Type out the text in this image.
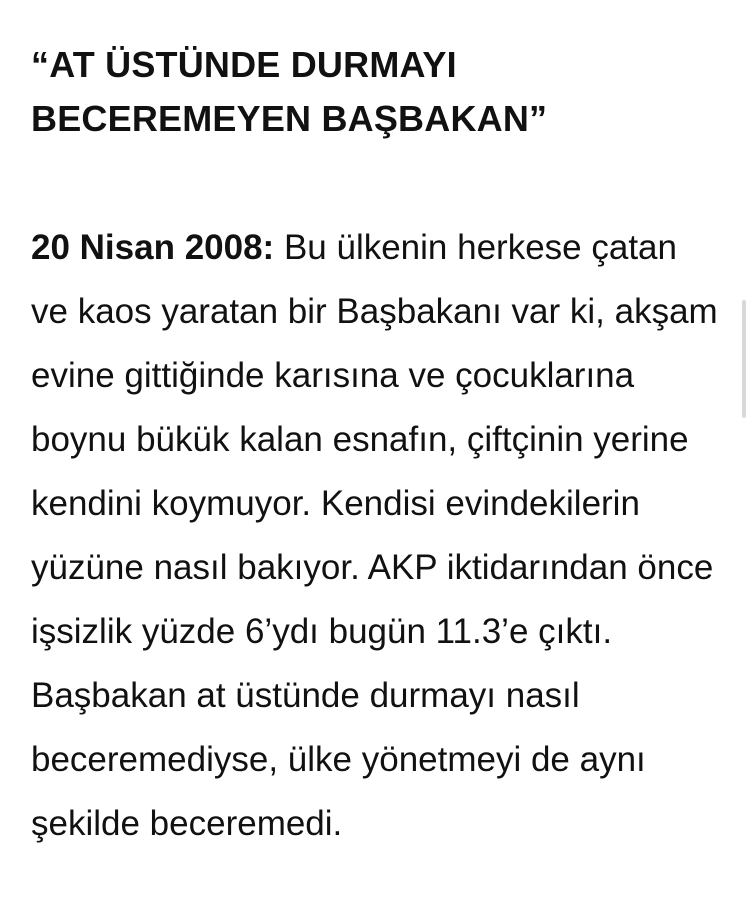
“AT ÜSTÜNDE DURMAYI
BECEREMEYEN BAŞBAKAN”

20 Nisan 2008: Bu ülkenin herkese çatan ve kaos yaratan bir Başbakanı var ki, akşam evine gittiğinde karısına ve çocuklarına boynu bükük kalan esnafın, çiftçinin yerine kendini koymuyor. Kendisi evindekilerin yüzüne nasıl bakıyor. AKP iktidarından önce işsizlik yüzde 6’ydı bugün 11.3’e çıktı. Başbakan at üstünde durmayı nasıl beceremediyse, ülke yönetmeyi de aynı şekilde beceremedi.
